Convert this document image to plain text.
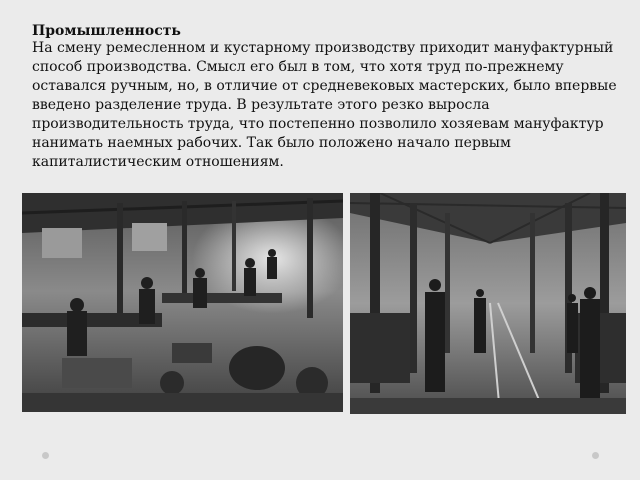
Промышленность
На смену ремесленном и кустарному производству приходит мануфактурный способ производства. Смысл его был в том, что хотя труд по-прежнему оставался ручным, но, в отличие от средневековых мастерских, было впервые введено разделение труда. В результате этого резко выросла производительность труда, что постепенно позволило хозяевам мануфактур нанимать наемных рабочих. Так было положено начало первым капиталистическим отношениям.
